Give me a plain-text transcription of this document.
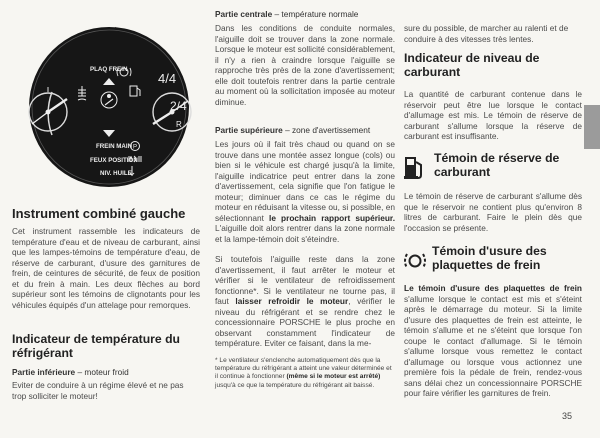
PLAQ FREIN
4/4
2/4
R
FREIN MAIN P
FEUX POSITION
NIV. HUILE
Instrument combiné gauche

Cet instrument rassemble les indicateurs de température d'eau et de niveau de carburant, ainsi que les lampes-témoins de température d'eau, de réserve de carburant, d'usure des garnitures de frein, de ceintures de sécurité, de feux de position et du frein à main. Les deux flèches au bord supérieur sont les témoins de clignotants pour les véhicules équipés d'un attelage pour remorques.

Indicateur de température du réfrigérant

Partie inférieure – moteur froid

Eviter de conduire à un régime élevé et ne pas trop solliciter le moteur!

Partie centrale – température normale

Dans les conditions de conduite normales, l'aiguille doit se trouver dans la zone normale. Lorsque le moteur est sollicité considérablement, il n'y a rien à craindre lorsque l'aiguille se rapproche très près de la zone d'avertissement; elle doit toutefois rentrer dans la partie centrale au moment où la sollicitation imposée au moteur diminue.

Partie supérieure – zone d'avertissement

Les jours où il fait très chaud ou quand on se trouve dans une montée assez longue (cols) ou bien si le véhicule est chargé jusqu'à la limite, l'aiguille indicatrice peut entrer dans la zone d'avertissement, cela signifie que l'on fatigue le moteur; diminuer dans ce cas le régime du moteur en réduisant la vitesse ou, si possible, en sélectionnant le prochain rapport supérieur. L'aiguille doit alors rentrer dans la zone normale et la lampe-témoin doit s'éteindre.

Si toutefois l'aiguille reste dans la zone d'avertissement, il faut arrêter le moteur et vérifier si le ventilateur de refroidissement fonctionne*. Si le ventilateur ne tourne pas, il faut laisser refroidir le moteur, vérifier le niveau du réfrigérant et se rendre chez le concessionnaire PORSCHE le plus proche en observant constamment l'indicateur de température. Eviter ce faisant, dans la me-

* Le ventilateur s'enclenche automatiquement dès que la température du réfrigérant a atteint une valeur déterminée et il continue à fonctionner (même si le moteur est arrêté) jusqu'à ce que la température du réfrigérant ait baissé.

sure du possible, de marcher au ralenti et de conduire à des vitesses très lentes.

Indicateur de niveau de carburant

La quantité de carburant contenue dans le réservoir peut être lue lorsque le contact d'allumage est mis. Le témoin de réserve de carburant s'allume lorsque la réserve de carburant est insuffisante.

Témoin de réserve de carburant

Le témoin de réserve de carburant s'allume dès que le réservoir ne contient plus qu'environ 8 litres de carburant. Faire le plein dès que l'occasion se présente.

Témoin d'usure des plaquettes de frein

Le témoin d'usure des plaquettes de frein s'allume lorsque le contact est mis et s'éteint après le démarrage du moteur. Si la limite d'usure des plaquettes de frein est atteinte, le témoin s'allume et ne s'éteint que lorsque l'on coupe le contact d'allumage. Si le témoin s'allume lorsque vous remettez le contact d'allumage ou lorsque vous actionnez une première fois la pédale de frein, rendez-vous sans délai chez un concessionnaire PORSCHE pour faire vérifier les garnitures de frein.

35
